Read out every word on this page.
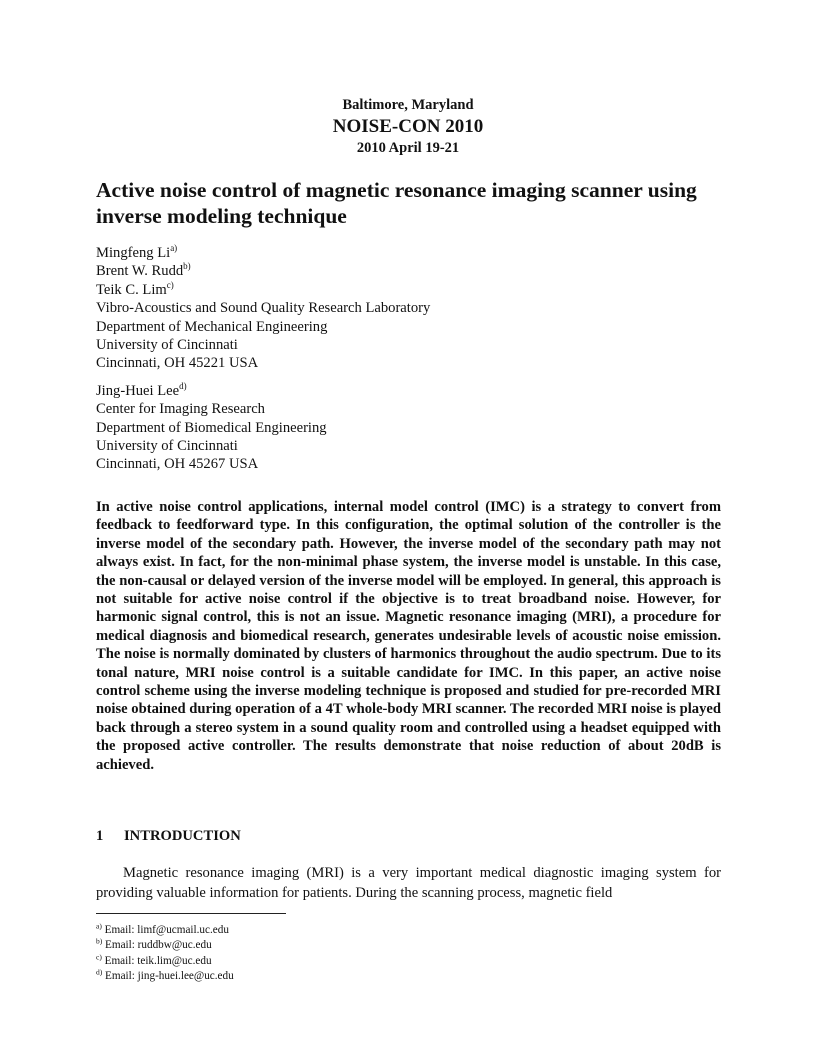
Baltimore, Maryland
NOISE-CON 2010
2010 April 19-21
Active noise control of magnetic resonance imaging scanner using inverse modeling technique
Mingfeng Li$^{a)}$
Brent W. Rudd$^{b)}$
Teik C. Lim$^{c)}$
Vibro-Acoustics and Sound Quality Research Laboratory
Department of Mechanical Engineering
University of Cincinnati
Cincinnati, OH 45221 USA
Jing-Huei Lee$^{d)}$
Center for Imaging Research
Department of Biomedical Engineering
University of Cincinnati
Cincinnati, OH 45267 USA

In active noise control applications, internal model control (IMC) is a strategy to convert from feedback to feedforward type. In this configuration, the optimal solution of the controller is the inverse model of the secondary path. However, the inverse model of the secondary path may not always exist. In fact, for the non-minimal phase system, the inverse model is unstable. In this case, the non-causal or delayed version of the inverse model will be employed. In general, this approach is not suitable for active noise control if the objective is to treat broadband noise. However, for harmonic signal control, this is not an issue. Magnetic resonance imaging (MRI), a procedure for medical diagnosis and biomedical research, generates undesirable levels of acoustic noise emission. The noise is normally dominated by clusters of harmonics throughout the audio spectrum. Due to its tonal nature, MRI noise control is a suitable candidate for IMC. In this paper, an active noise control scheme using the inverse modeling technique is proposed and studied for pre-recorded MRI noise obtained during operation of a 4T whole-body MRI scanner. The recorded MRI noise is played back through a stereo system in a sound quality room and controlled using a headset equipped with the proposed active controller. The results demonstrate that noise reduction of about 20dB is achieved.

1 INTRODUCTION

Magnetic resonance imaging (MRI) is a very important medical diagnostic imaging system for providing valuable information for patients. During the scanning process, magnetic field

$^{a)}$ Email: limf@ucmail.uc.edu
$^{b)}$ Email: ruddbw@uc.edu
$^{c)}$ Email: teik.lim@uc.edu
$^{d)}$ Email: jing-huei.lee@uc.edu
